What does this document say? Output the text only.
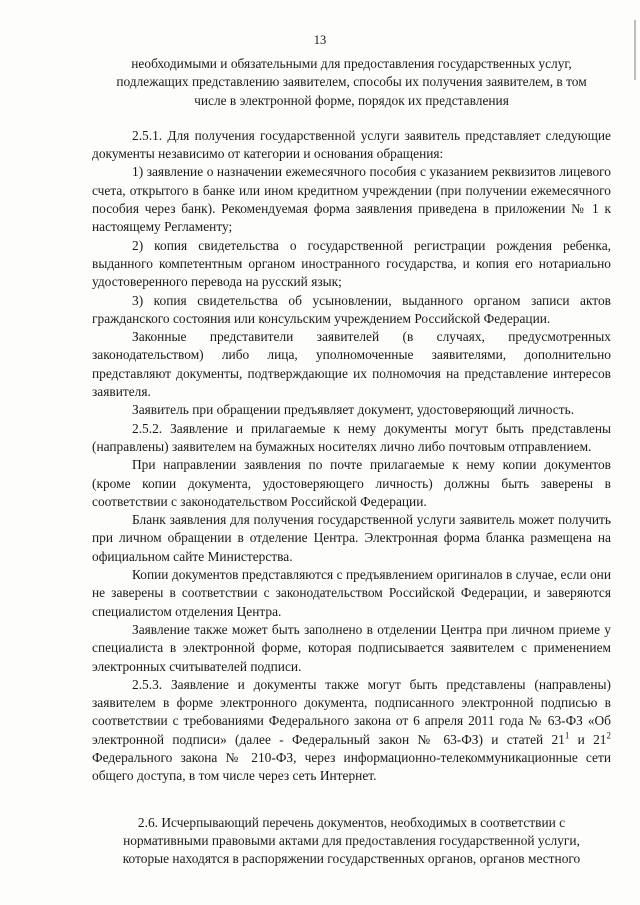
13
необходимыми и обязательными для предоставления государственных услуг,
подлежащих представлению заявителем, способы их получения заявителем, в том
числе в электронной форме, порядок их представления

2.5.1. Для получения государственной услуги заявитель представляет следующие документы независимо от категории и основания обращения:

1) заявление о назначении ежемесячного пособия с указанием реквизитов лицевого счета, открытого в банке или ином кредитном учреждении (при получении ежемесячного пособия через банк). Рекомендуемая форма заявления приведена в приложении № 1 к настоящему Регламенту;

2) копия свидетельства о государственной регистрации рождения ребенка, выданного компетентным органом иностранного государства, и копия его нотариально удостоверенного перевода на русский язык;

3) копия свидетельства об усыновлении, выданного органом записи актов гражданского состояния или консульским учреждением Российской Федерации.

Законные представители заявителей (в случаях, предусмотренных законодательством) либо лица, уполномоченные заявителями, дополнительно представляют документы, подтверждающие их полномочия на представление интересов заявителя.

Заявитель при обращении предъявляет документ, удостоверяющий личность.

2.5.2. Заявление и прилагаемые к нему документы могут быть представлены (направлены) заявителем на бумажных носителях лично либо почтовым отправлением.

При направлении заявления по почте прилагаемые к нему копии документов (кроме копии документа, удостоверяющего личность) должны быть заверены в соответствии с законодательством Российской Федерации.

Бланк заявления для получения государственной услуги заявитель может получить при личном обращении в отделение Центра. Электронная форма бланка размещена на официальном сайте Министерства.

Копии документов представляются с предъявлением оригиналов в случае, если они не заверены в соответствии с законодательством Российской Федерации, и заверяются специалистом отделения Центра.

Заявление также может быть заполнено в отделении Центра при личном приеме у специалиста в электронной форме, которая подписывается заявителем с применением электронных считывателей подписи.

2.5.3. Заявление и документы также могут быть представлены (направлены) заявителем в форме электронного документа, подписанного электронной подписью в соответствии с требованиями Федерального закона от 6 апреля 2011 года № 63-ФЗ «Об электронной подписи» (далее - Федеральный закон № 63-ФЗ) и статей $21^1$ и $21^2$ Федерального закона № 210-ФЗ, через информационно-телекоммуникационные сети общего доступа, в том числе через сеть Интернет.

2.6. Исчерпывающий перечень документов, необходимых в соответствии с
нормативными правовыми актами для предоставления государственной услуги,
которые находятся в распоряжении государственных органов, органов местного
